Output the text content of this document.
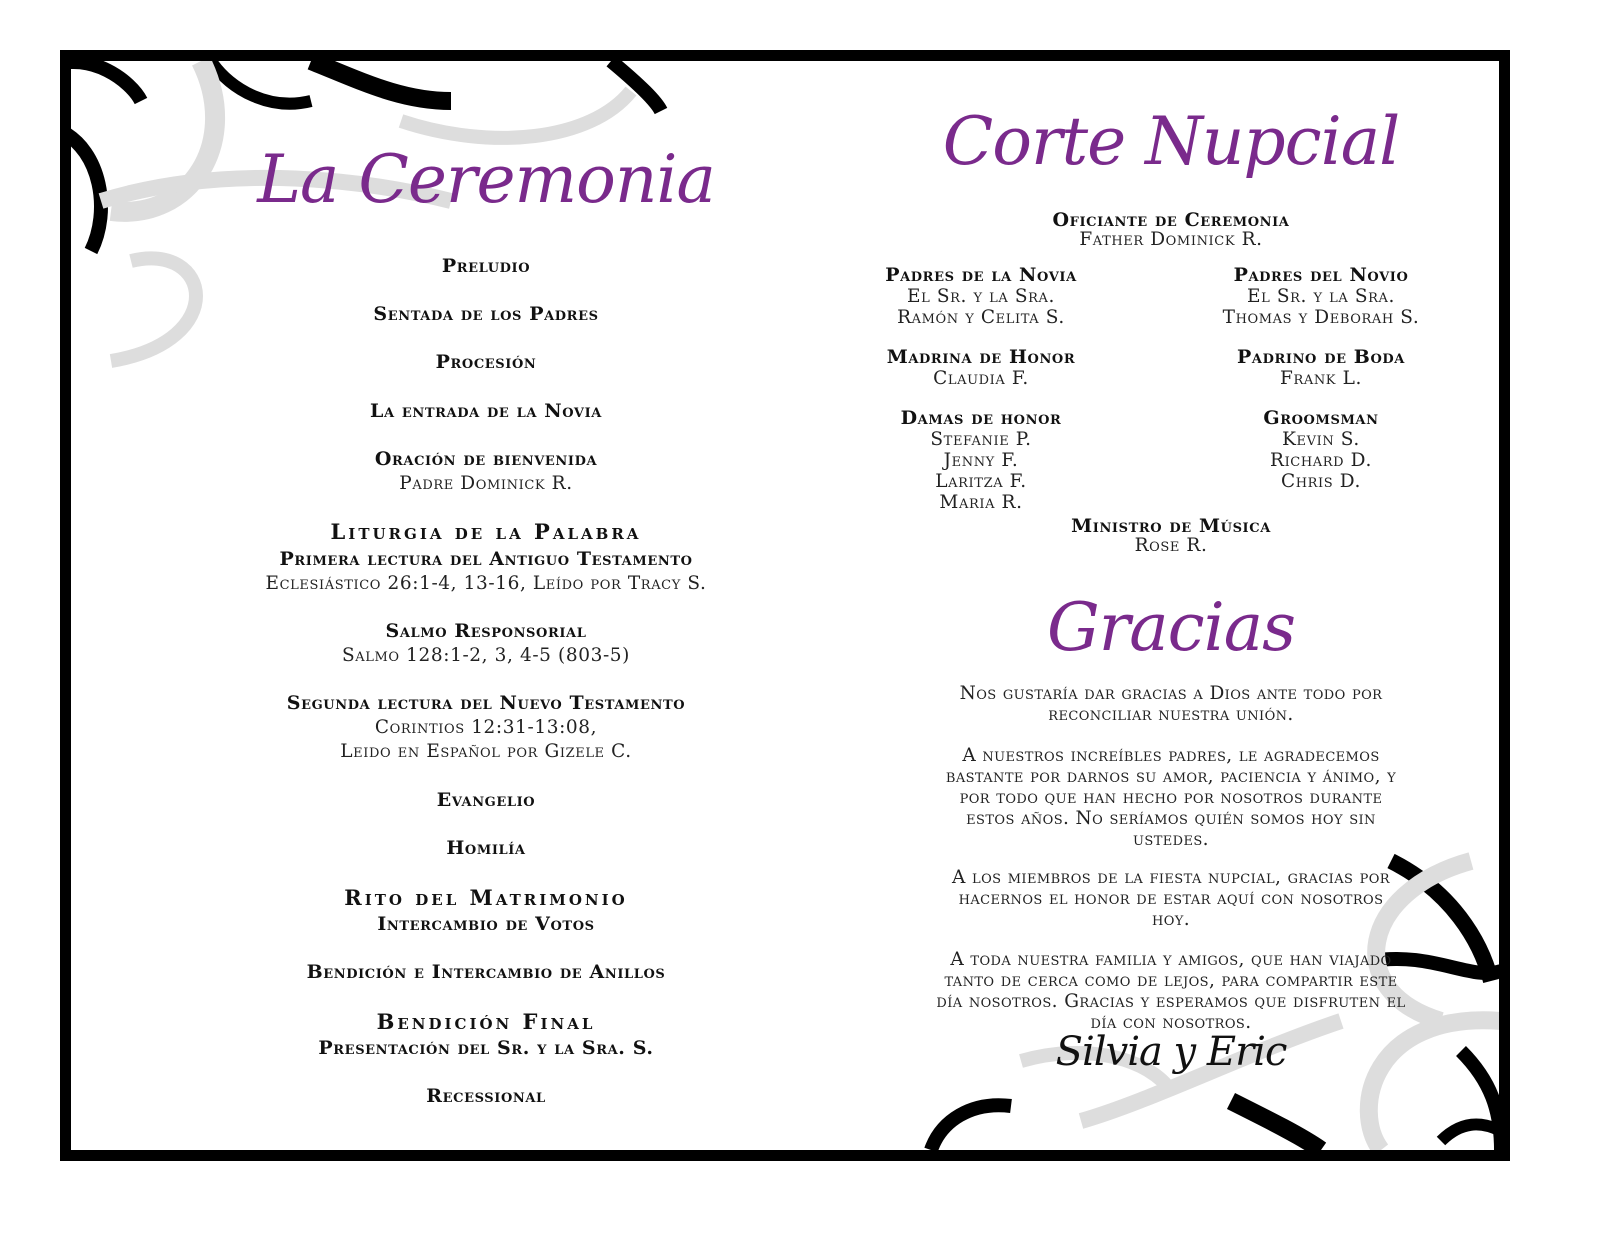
La Ceremonia
Preludio
Sentada de los Padres
Procesión
La entrada de la Novia
Oración de bienvenida
Padre Dominick R.
Liturgia de la Palabra
Primera lectura del Antiguo Testamento
Eclesiástico 26:1-4, 13-16, Leído por Tracy S.
Salmo Responsorial
Salmo 128:1-2, 3, 4-5 (803-5)
Segunda lectura del Nuevo Testamento
Corintios 12:31-13:08,
Leido en Español por Gizele C.
Evangelio
Homilía
Rito del Matrimonio
Intercambio de Votos
Bendición e Intercambio de Anillos
Bendición Final
Presentación del Sr. y la Sra. S.
Recessional
Corte Nupcial
Oficiante de Ceremonia
Father Dominick R.
Padres de la Novia
El Sr. y la Sra.
Ramón y Celita S.
Madrina de Honor
Claudia F.
Damas de honor
Stefanie P.
Jenny F.
Laritza F.
Maria R.
Padres del Novio
El Sr. y la Sra.
Thomas y Deborah S.
Padrino de Boda
Frank L.
Groomsman
Kevin S.
Richard D.
Chris D.
Ministro de Música
Rose R.
Gracias
Nos gustaría dar gracias a Dios ante todo por
reconciliar nuestra unión.
A nuestros increíbles padres, le agradecemos
bastante por darnos su amor, paciencia y ánimo, y
por todo que han hecho por nosotros durante
estos años. No seríamos quién somos hoy sin
ustedes.
A los miembros de la fiesta nupcial, gracias por
hacernos el honor de estar aquí con nosotros
hoy.
A toda nuestra familia y amigos, que han viajado
tanto de cerca como de lejos, para compartir este
día nosotros. Gracias y esperamos que disfruten el
día con nosotros.
Silvia y Eric
